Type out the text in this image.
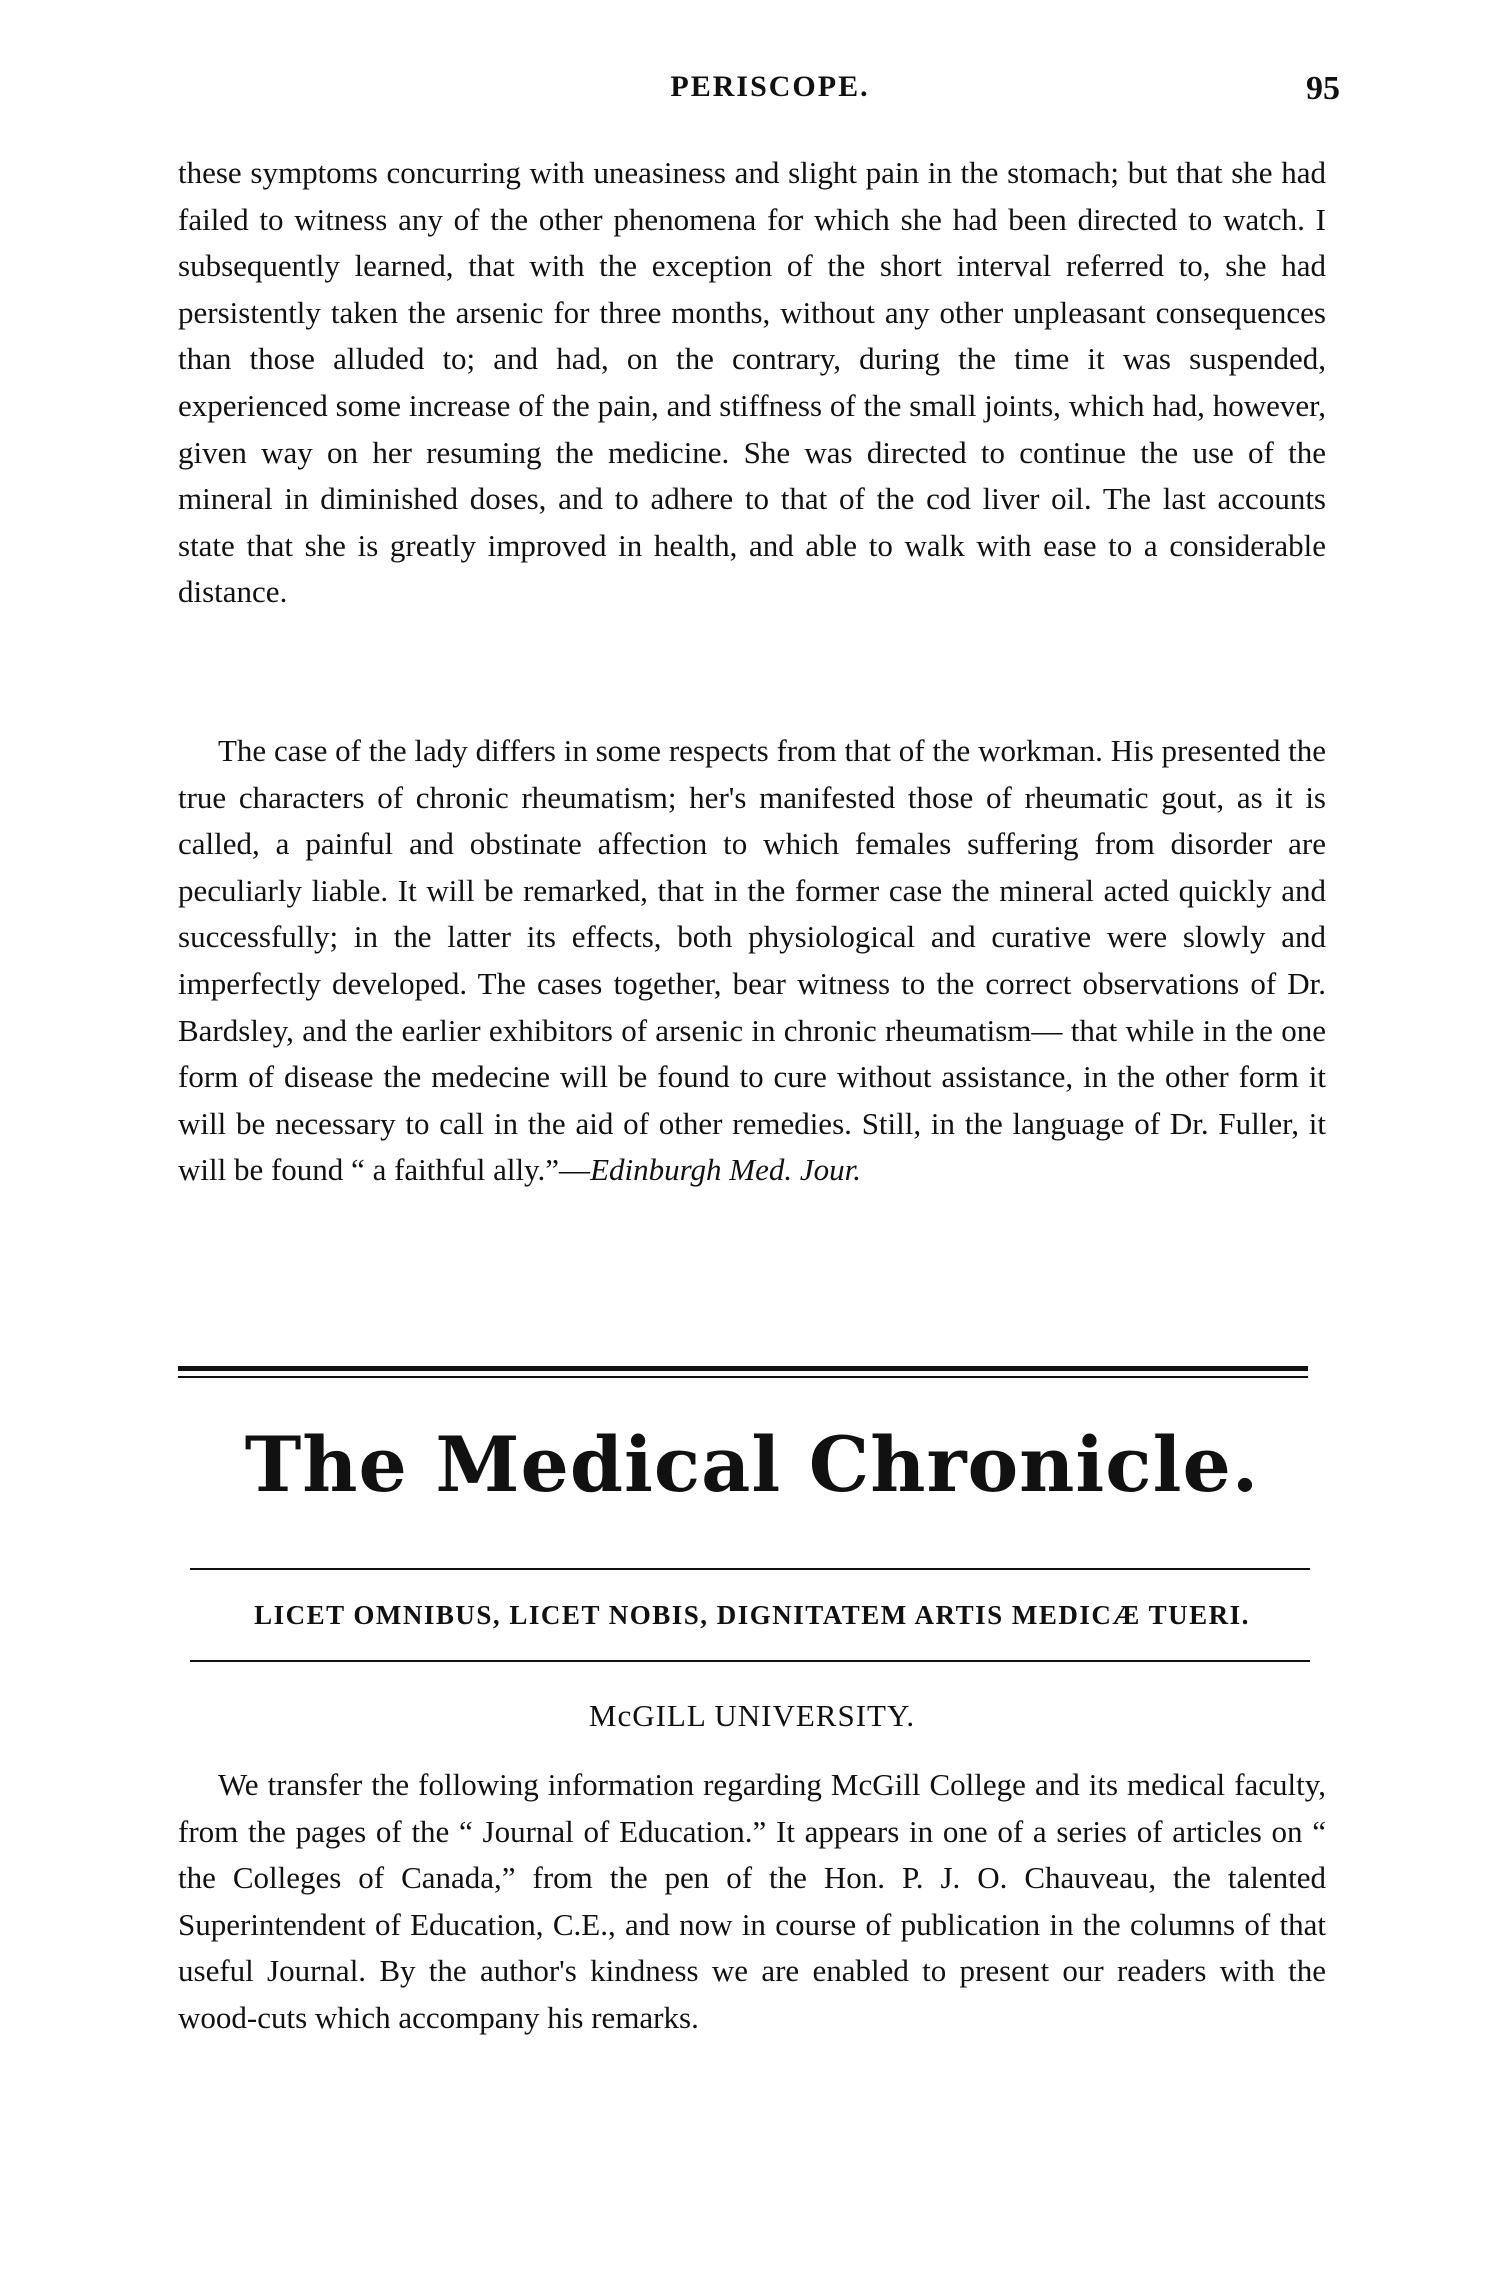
PERISCOPE.	95

these symptoms concurring with uneasiness and slight pain in the stomach; but that she had failed to witness any of the other phenomena for which she had been directed to watch. I subsequently learned, that with the exception of the short interval referred to, she had persistently taken the arsenic for three months, without any other unpleasant consequences than those alluded to; and had, on the contrary, during the time it was suspended, experienced some increase of the pain, and stiffness of the small joints, which had, however, given way on her resuming the medicine. She was directed to continue the use of the mineral in diminished doses, and to adhere to that of the cod liver oil. The last accounts state that she is greatly improved in health, and able to walk with ease to a considerable distance.

The case of the lady differs in some respects from that of the workman. His presented the true characters of chronic rheumatism; her's manifested those of rheumatic gout, as it is called, a painful and obstinate affection to which females suffering from disorder are peculiarly liable. It will be remarked, that in the former case the mineral acted quickly and successfully; in the latter its effects, both physiological and curative were slowly and imperfectly developed. The cases together, bear witness to the correct observations of Dr. Bardsley, and the earlier exhibitors of arsenic in chronic rheumatism— that while in the one form of disease the medecine will be found to cure without assistance, in the other form it will be necessary to call in the aid of other remedies. Still, in the language of Dr. Fuller, it will be found “ a faithful ally.”—Edinburgh Med. Jour.

The Medical Chronicle.
LICET OMNIBUS, LICET NOBIS, DIGNITATEM ARTIS MEDICÆ TUERI.
McGILL UNIVERSITY.

We transfer the following information regarding McGill College and its medical faculty, from the pages of the “ Journal of Education.” It appears in one of a series of articles on “ the Colleges of Canada,” from the pen of the Hon. P. J. O. Chauveau, the talented Superintendent of Education, C.E., and now in course of publication in the columns of that useful Journal. By the author's kindness we are enabled to present our readers with the wood-cuts which accompany his remarks.
